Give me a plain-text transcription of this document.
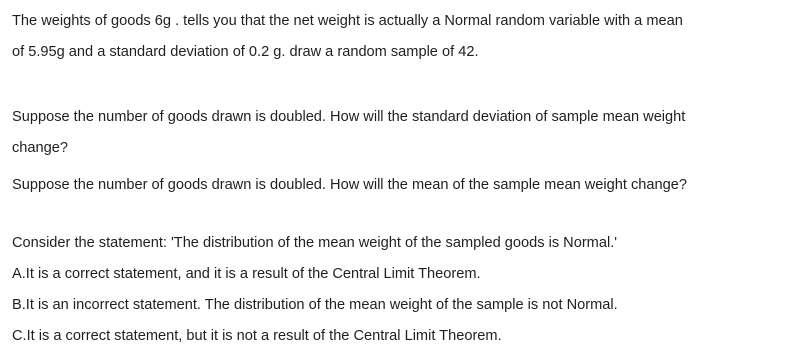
The weights of goods 6g . tells you that the net weight is actually a Normal random variable with a mean
of 5.95g and a standard deviation of 0.2 g. draw a random sample of 42.
Suppose the number of goods drawn is doubled. How will the standard deviation of sample mean weight
change?
Suppose the number of goods drawn is doubled. How will the mean of the sample mean weight change?
Consider the statement: 'The distribution of the mean weight of the sampled goods is Normal.'
A.It is a correct statement, and it is a result of the Central Limit Theorem.
B.It is an incorrect statement. The distribution of the mean weight of the sample is not Normal.
C.It is a correct statement, but it is not a result of the Central Limit Theorem.
